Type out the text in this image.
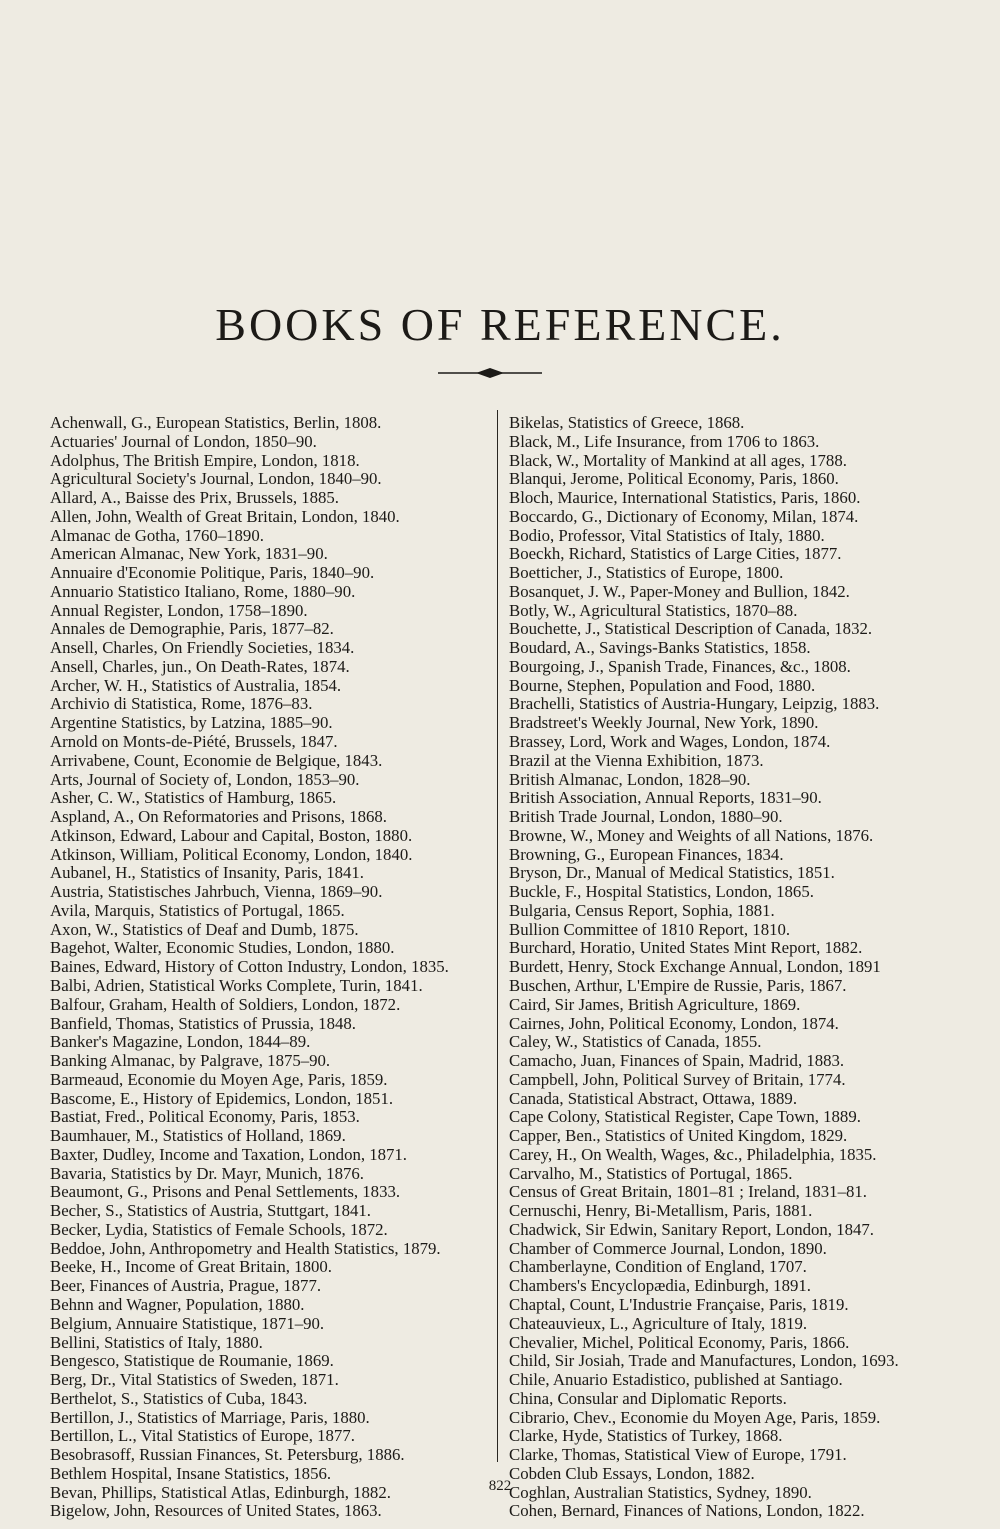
BOOKS OF REFERENCE.
Achenwall, G., European Statistics, Berlin, 1808.
Actuaries' Journal of London, 1850–90.
Adolphus, The British Empire, London, 1818.
Agricultural Society's Journal, London, 1840–90.
Allard, A., Baisse des Prix, Brussels, 1885.
Allen, John, Wealth of Great Britain, London, 1840.
Almanac de Gotha, 1760–1890.
American Almanac, New York, 1831–90.
Annuaire d'Economie Politique, Paris, 1840–90.
Annuario Statistico Italiano, Rome, 1880–90.
Annual Register, London, 1758–1890.
Annales de Demographie, Paris, 1877–82.
Ansell, Charles, On Friendly Societies, 1834.
Ansell, Charles, jun., On Death-Rates, 1874.
Archer, W. H., Statistics of Australia, 1854.
Archivio di Statistica, Rome, 1876–83.
Argentine Statistics, by Latzina, 1885–90.
Arnold on Monts-de-Piété, Brussels, 1847.
Arrivabene, Count, Economie de Belgique, 1843.
Arts, Journal of Society of, London, 1853–90.
Asher, C. W., Statistics of Hamburg, 1865.
Aspland, A., On Reformatories and Prisons, 1868.
Atkinson, Edward, Labour and Capital, Boston, 1880.
Atkinson, William, Political Economy, London, 1840.
Aubanel, H., Statistics of Insanity, Paris, 1841.
Austria, Statistisches Jahrbuch, Vienna, 1869–90.
Avila, Marquis, Statistics of Portugal, 1865.
Axon, W., Statistics of Deaf and Dumb, 1875.
Bagehot, Walter, Economic Studies, London, 1880.
Baines, Edward, History of Cotton Industry, London, 1835.
Balbi, Adrien, Statistical Works Complete, Turin, 1841.
Balfour, Graham, Health of Soldiers, London, 1872.
Banfield, Thomas, Statistics of Prussia, 1848.
Banker's Magazine, London, 1844–89.
Banking Almanac, by Palgrave, 1875–90.
Barmeaud, Economie du Moyen Age, Paris, 1859.
Bascome, E., History of Epidemics, London, 1851.
Bastiat, Fred., Political Economy, Paris, 1853.
Baumhauer, M., Statistics of Holland, 1869.
Baxter, Dudley, Income and Taxation, London, 1871.
Bavaria, Statistics by Dr. Mayr, Munich, 1876.
Beaumont, G., Prisons and Penal Settlements, 1833.
Becher, S., Statistics of Austria, Stuttgart, 1841.
Becker, Lydia, Statistics of Female Schools, 1872.
Beddoe, John, Anthropometry and Health Statistics, 1879.
Beeke, H., Income of Great Britain, 1800.
Beer, Finances of Austria, Prague, 1877.
Behnn and Wagner, Population, 1880.
Belgium, Annuaire Statistique, 1871–90.
Bellini, Statistics of Italy, 1880.
Bengesco, Statistique de Roumanie, 1869.
Berg, Dr., Vital Statistics of Sweden, 1871.
Berthelot, S., Statistics of Cuba, 1843.
Bertillon, J., Statistics of Marriage, Paris, 1880.
Bertillon, L., Vital Statistics of Europe, 1877.
Besobrasoff, Russian Finances, St. Petersburg, 1886.
Bethlem Hospital, Insane Statistics, 1856.
Bevan, Phillips, Statistical Atlas, Edinburgh, 1882.
Bigelow, John, Resources of United States, 1863.
Bikelas, Statistics of Greece, 1868.
Black, M., Life Insurance, from 1706 to 1863.
Black, W., Mortality of Mankind at all ages, 1788.
Blanqui, Jerome, Political Economy, Paris, 1860.
Bloch, Maurice, International Statistics, Paris, 1860.
Boccardo, G., Dictionary of Economy, Milan, 1874.
Bodio, Professor, Vital Statistics of Italy, 1880.
Boeckh, Richard, Statistics of Large Cities, 1877.
Boetticher, J., Statistics of Europe, 1800.
Bosanquet, J. W., Paper-Money and Bullion, 1842.
Botly, W., Agricultural Statistics, 1870–88.
Bouchette, J., Statistical Description of Canada, 1832.
Boudard, A., Savings-Banks Statistics, 1858.
Bourgoing, J., Spanish Trade, Finances, &c., 1808.
Bourne, Stephen, Population and Food, 1880.
Brachelli, Statistics of Austria-Hungary, Leipzig, 1883.
Bradstreet's Weekly Journal, New York, 1890.
Brassey, Lord, Work and Wages, London, 1874.
Brazil at the Vienna Exhibition, 1873.
British Almanac, London, 1828–90.
British Association, Annual Reports, 1831–90.
British Trade Journal, London, 1880–90.
Browne, W., Money and Weights of all Nations, 1876.
Browning, G., European Finances, 1834.
Bryson, Dr., Manual of Medical Statistics, 1851.
Buckle, F., Hospital Statistics, London, 1865.
Bulgaria, Census Report, Sophia, 1881.
Bullion Committee of 1810 Report, 1810.
Burchard, Horatio, United States Mint Report, 1882.
Burdett, Henry, Stock Exchange Annual, London, 1891
Buschen, Arthur, L'Empire de Russie, Paris, 1867.
Caird, Sir James, British Agriculture, 1869.
Cairnes, John, Political Economy, London, 1874.
Caley, W., Statistics of Canada, 1855.
Camacho, Juan, Finances of Spain, Madrid, 1883.
Campbell, John, Political Survey of Britain, 1774.
Canada, Statistical Abstract, Ottawa, 1889.
Cape Colony, Statistical Register, Cape Town, 1889.
Capper, Ben., Statistics of United Kingdom, 1829.
Carey, H., On Wealth, Wages, &c., Philadelphia, 1835.
Carvalho, M., Statistics of Portugal, 1865.
Census of Great Britain, 1801–81 ; Ireland, 1831–81.
Cernuschi, Henry, Bi-Metallism, Paris, 1881.
Chadwick, Sir Edwin, Sanitary Report, London, 1847.
Chamber of Commerce Journal, London, 1890.
Chamberlayne, Condition of England, 1707.
Chambers's Encyclopædia, Edinburgh, 1891.
Chaptal, Count, L'Industrie Française, Paris, 1819.
Chateauvieux, L., Agriculture of Italy, 1819.
Chevalier, Michel, Political Economy, Paris, 1866.
Child, Sir Josiah, Trade and Manufactures, London, 1693.
Chile, Anuario Estadistico, published at Santiago.
China, Consular and Diplomatic Reports.
Cibrario, Chev., Economie du Moyen Age, Paris, 1859.
Clarke, Hyde, Statistics of Turkey, 1868.
Clarke, Thomas, Statistical View of Europe, 1791.
Cobden Club Essays, London, 1882.
Coghlan, Australian Statistics, Sydney, 1890.
Cohen, Bernard, Finances of Nations, London, 1822.
822
